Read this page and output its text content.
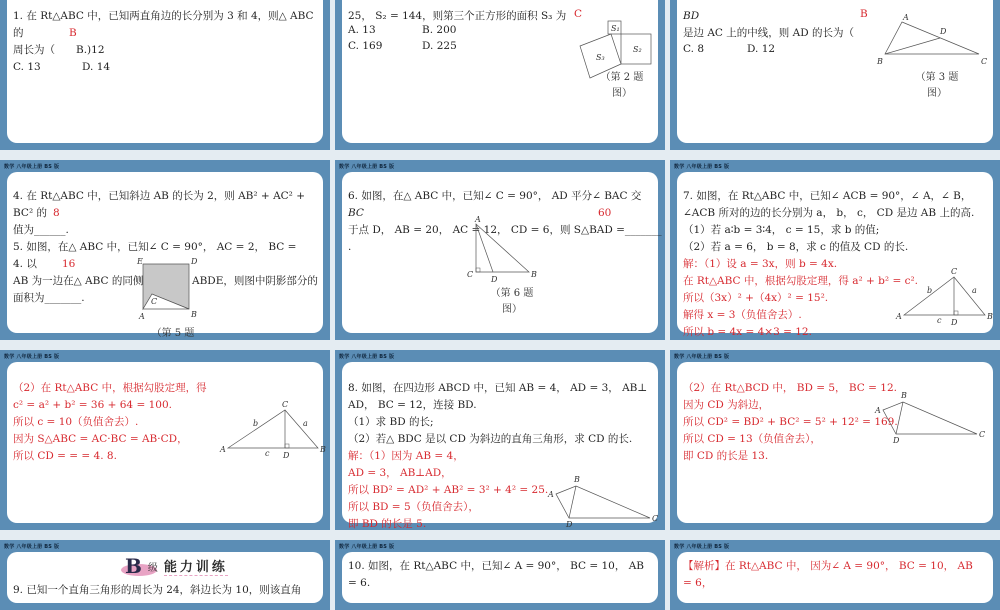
1. 在 Rt△ABC 中，已知两直角边的长分别为 3 和 4，则△ ABC
的	B
周长为（　　B.)12
C. 13	D. 14
25， S₂ = 144，则第三个正方形的面积 S₃ 为 C
A. 13	B. 200
C. 169	D. 225
S₁
S₂
S₃
（第 2 题
图）
BD	B
是边 AC 上的中线，则 AD 的长为（
C. 8	D. 12
A
B	C
D
（第 3 题
图）
数学 八年级上册 BS 版
4. 在 Rt△ABC 中，已知斜边 AB 的长为 2，则 AB² + AC² +
BC² 的 8
值为______.
5. 如图，在△ ABC 中，已知∠ C = 90°， AC = 2， BC =
4. 以 16
AB 为一边在△ ABC 的同侧	ABDE，则图中阴影部分的
面积为_______.
E	D
C
A	B
（第 5 题
数学 八年级上册 BS 版
6. 如图，在△ ABC 中，已知∠ C = 90°， AD 平分∠ BAC 交
BC	60
于点 D， AB = 20， AC = 12， CD = 6，则 S△BAD =_______
.
A
C
D
B
（第 6 题
图）
数学 八年级上册 BS 版
7. 如图，在 Rt△ABC 中，已知∠ ACB = 90°，∠ A，∠ B，
∠ACB 所对的边的长分别为 a， b， c， CD 是边 AB 上的高.
（1）若 a∶b = 3∶4， c = 15，求 b 的值;
（2）若 a = 6， b = 8，求 c 的值及 CD 的长.
解：（1）设 a = 3x，则 b = 4x.
在 Rt△ABC 中，根据勾股定理，得 a² + b² = c².
所以（3x）² +（4x）² = 15².
解得 x = 3（负值舍去）.
所以 b = 4x = 4×3 = 12.
C
A	B
D
a
b
c
数学 八年级上册 BS 版
（2）在 Rt△ABC 中，根据勾股定理，得
c² = a² + b² = 36 + 64 = 100.
所以 c = 10（负值舍去）.
因为 S△ABC = AC·BC = AB·CD，
所以 CD = = = 4. 8.
C
A	B
D
a
b
c
数学 八年级上册 BS 版
8. 如图，在四边形 ABCD 中，已知 AB = 4， AD = 3， AB⊥
AD， BC = 12，连接 BD.
（1）求 BD 的长;
（2）若△ BDC 是以 CD 为斜边的直角三角形，求 CD 的长.
解：（1）因为 AB = 4，
AD = 3， AB⊥AD，
所以 BD² = AD² + AB² = 3² + 4² = 25.
所以 BD = 5（负值舍去），
即 BD 的长是 5.
A
B
C
D
数学 八年级上册 BS 版
（2）在 Rt△BCD 中， BD = 5， BC = 12.
因为 CD 为斜边，
所以 CD² = BD² + BC² = 5² + 12² = 169.
所以 CD = 13（负值舍去），
即 CD 的长是 13.
A
B
C
D
数学 八年级上册 BS 版
B 级 能力训练
9. 已知一个直角三角形的周长为 24，斜边长为 10，则该直角
数学 八年级上册 BS 版
10. 如图，在 Rt△ABC 中，已知∠ A = 90°， BC = 10， AB
= 6.
数学 八年级上册 BS 版
【解析】在 Rt△ABC 中， 因为∠ A = 90°， BC = 10， AB
= 6，
